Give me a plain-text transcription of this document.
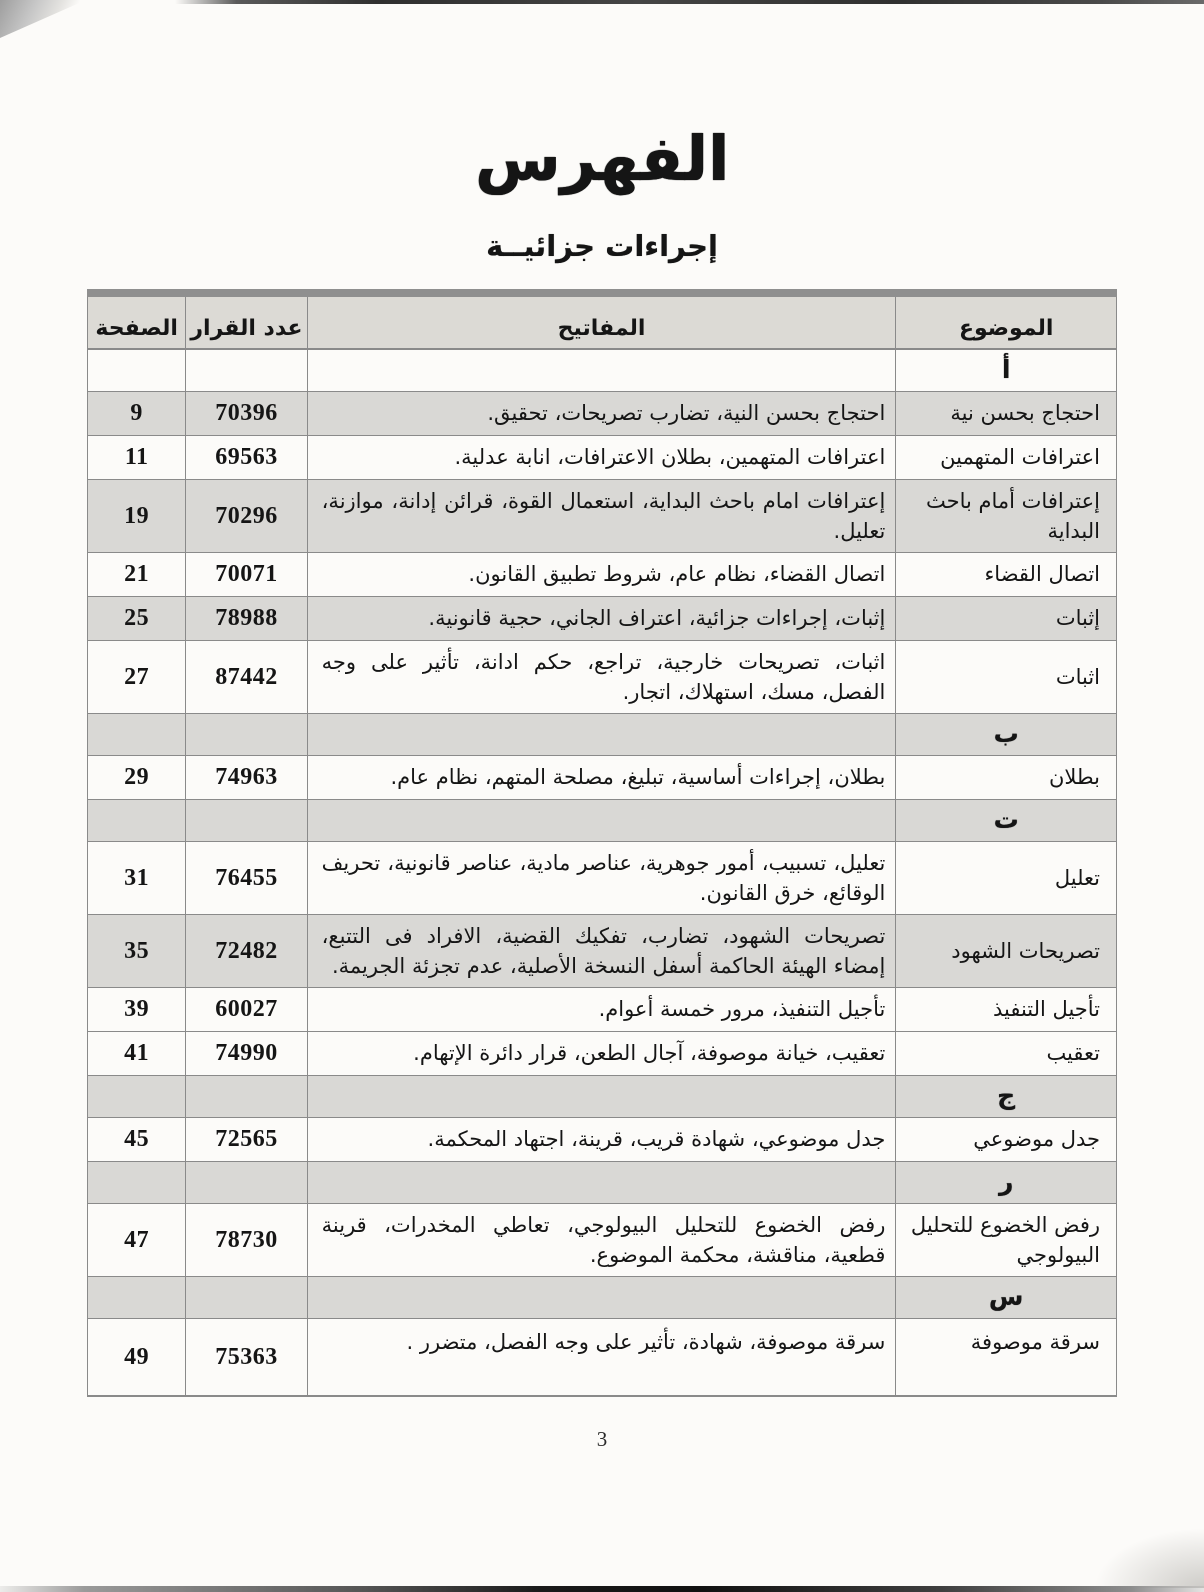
الفهرس
إجراءات جزائيــة
الموضوع	المفاتيح	عدد القرار	الصفحة
أ			
احتجاج بحسن نية	احتجاج بحسن النية، تضارب تصريحات، تحقيق.	70396	9
اعترافات المتهمين	اعترافات المتهمين، بطلان الاعترافات، انابة عدلية.	69563	11
إعترافات أمام باحث البداية	إعترافات امام باحث البداية، استعمال القوة، قرائن إدانة، موازنة، تعليل.	70296	19
اتصال القضاء	اتصال القضاء، نظام عام، شروط تطبيق القانون.	70071	21
إثبات	إثبات، إجراءات جزائية، اعتراف الجاني، حجية قانونية.	78988	25
اثبات	اثبات، تصريحات خارجية، تراجع، حكم ادانة، تأثير على وجه الفصل، مسك، استهلاك، اتجار.	87442	27
ب			
بطلان	بطلان، إجراءات أساسية، تبليغ، مصلحة المتهم، نظام عام.	74963	29
ت			
تعليل	تعليل، تسبيب، أمور جوهرية، عناصر مادية، عناصر قانونية، تحريف الوقائع، خرق القانون.	76455	31
تصريحات الشهود	تصريحات الشهود، تضارب، تفكيك القضية، الافراد فى التتبع، إمضاء الهيئة الحاكمة أسفل النسخة الأصلية، عدم تجزئة الجريمة.	72482	35
تأجيل التنفيذ	تأجيل التنفيذ، مرور خمسة أعوام.	60027	39
تعقيب	تعقيب، خيانة موصوفة، آجال الطعن، قرار دائرة الإتهام.	74990	41
ج			
جدل موضوعي	جدل موضوعي، شهادة قريب، قرينة، اجتهاد المحكمة.	72565	45
ر			
رفض الخضوع للتحليل البيولوجي	رفض الخضوع للتحليل البيولوجي، تعاطي المخدرات، قرينة قطعية، مناقشة، محكمة الموضوع.	78730	47
س			
سرقة موصوفة	سرقة موصوفة، شهادة، تأثير على وجه الفصل، متضرر .	75363	49
3
